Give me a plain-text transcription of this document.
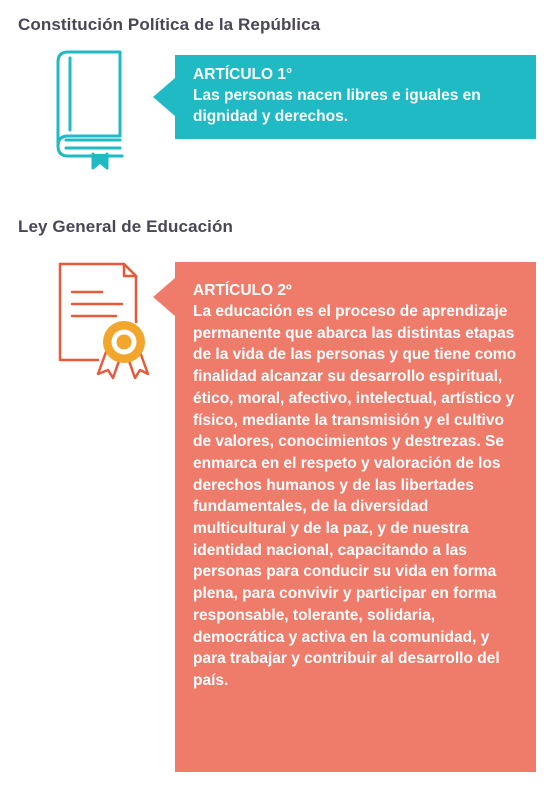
Constitución Política de la República

ARTÍCULO 1°

Las personas nacen libres e iguales en dignidad y derechos.

Ley General de Educación

ARTÍCULO 2º

La educación es el proceso de aprendizaje permanente que abarca las distintas etapas de la vida de las personas y que tiene como finalidad alcanzar su desarrollo espiritual, ético, moral, afectivo, intelectual, artístico y físico, mediante la transmisión y el cultivo de valores, conocimientos y destrezas. Se enmarca en el respeto y valoración de los derechos humanos y de las libertades fundamentales, de la diversidad multicultural y de la paz, y de nuestra identidad nacional, capacitando a las personas para conducir su vida en forma plena, para convivir y participar en forma responsable, tolerante, solidaria, democrática y activa en la comunidad, y para trabajar y contribuir al desarrollo del país.
